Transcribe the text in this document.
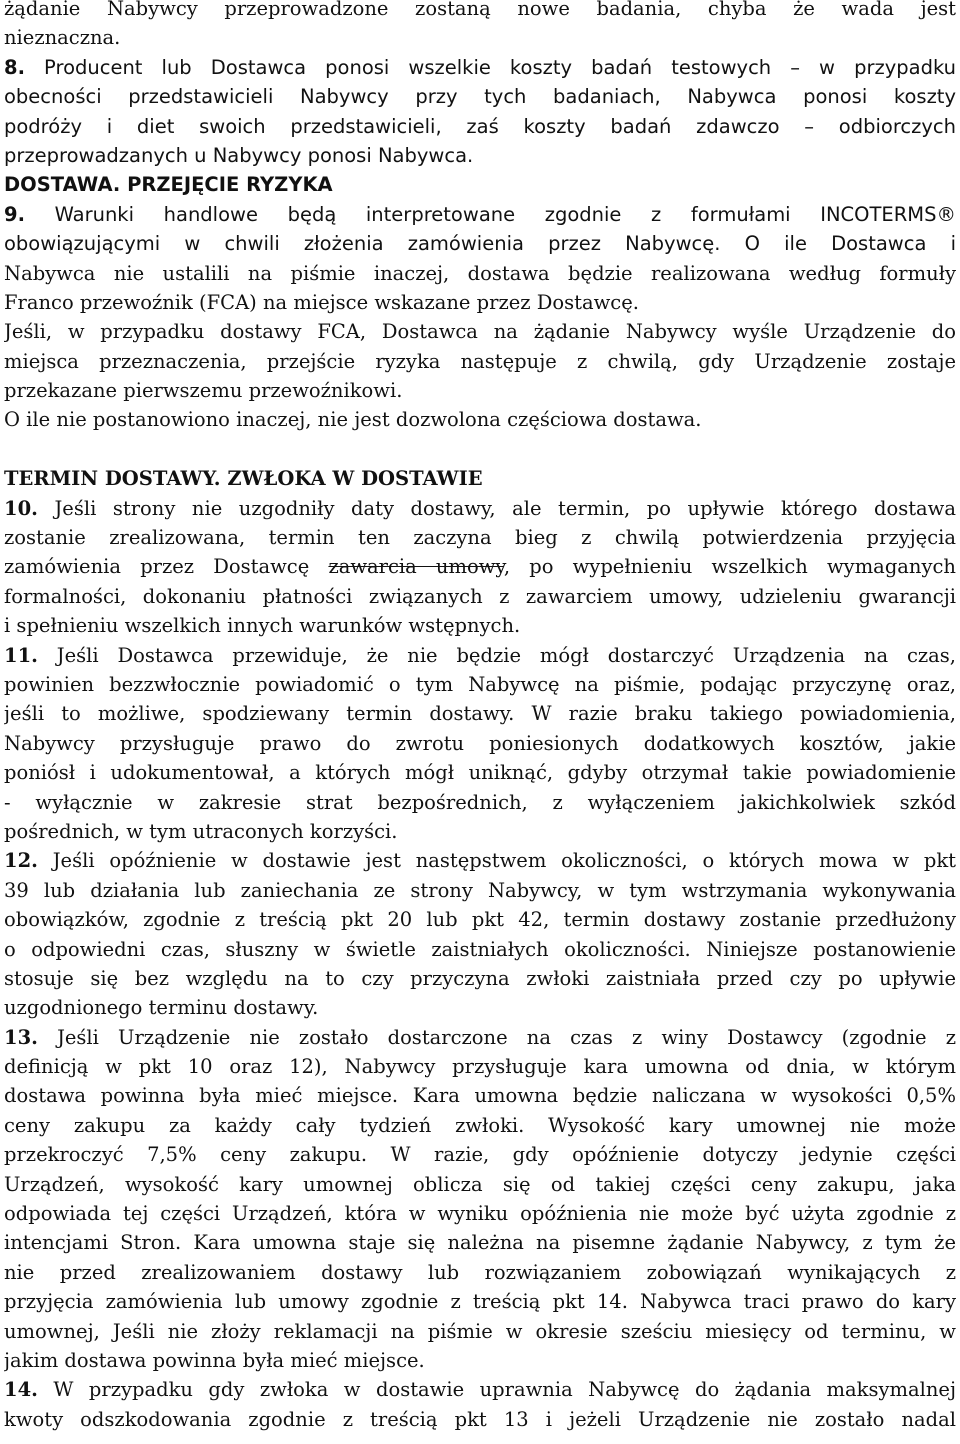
żądanie Nabywcy przeprowadzone zostaną nowe badania, chyba że wada jest
nieznaczna.
8. Producent lub Dostawca ponosi wszelkie koszty badań testowych – w przypadku
obecności przedstawicieli Nabywcy przy tych badaniach, Nabywca ponosi koszty
podróży i diet swoich przedstawicieli, zaś koszty badań zdawczo – odbiorczych
przeprowadzanych u Nabywcy ponosi Nabywca.
DOSTAWA. PRZEJĘCIE RYZYKA
9. Warunki handlowe będą interpretowane zgodnie z formułami INCOTERMS®
obowiązującymi w chwili złożenia zamówienia przez Nabywcę. O ile Dostawca i
Nabywca nie ustalili na piśmie inaczej, dostawa będzie realizowana według formuły
Franco przewoźnik (FCA) na miejsce wskazane przez Dostawcę.
Jeśli, w przypadku dostawy FCA, Dostawca na żądanie Nabywcy wyśle Urządzenie do
miejsca przeznaczenia, przejście ryzyka następuje z chwilą, gdy Urządzenie zostaje
przekazane pierwszemu przewoźnikowi.
O ile nie postanowiono inaczej, nie jest dozwolona częściowa dostawa.
TERMIN DOSTAWY. ZWŁOKA W DOSTAWIE
10. Jeśli strony nie uzgodniły daty dostawy, ale termin, po upływie którego dostawa
zostanie zrealizowana, termin ten zaczyna bieg z chwilą potwierdzenia przyjęcia
zamówienia przez Dostawcę zawarcia umowy, po wypełnieniu wszelkich wymaganych
formalności, dokonaniu płatności związanych z zawarciem umowy, udzieleniu gwarancji
i spełnieniu wszelkich innych warunków wstępnych.
11. Jeśli Dostawca przewiduje, że nie będzie mógł dostarczyć Urządzenia na czas,
powinien bezzwłocznie powiadomić o tym Nabywcę na piśmie, podając przyczynę oraz,
jeśli to możliwe, spodziewany termin dostawy. W razie braku takiego powiadomienia,
Nabywcy przysługuje prawo do zwrotu poniesionych dodatkowych kosztów, jakie
poniósł i udokumentował, a których mógł uniknąć, gdyby otrzymał takie powiadomienie
- wyłącznie w zakresie strat bezpośrednich, z wyłączeniem jakichkolwiek szkód
pośrednich, w tym utraconych korzyści.
12. Jeśli opóźnienie w dostawie jest następstwem okoliczności, o których mowa w pkt
39 lub działania lub zaniechania ze strony Nabywcy, w tym wstrzymania wykonywania
obowiązków, zgodnie z treścią pkt 20 lub pkt 42, termin dostawy zostanie przedłużony
o odpowiedni czas, słuszny w świetle zaistniałych okoliczności. Niniejsze postanowienie
stosuje się bez względu na to czy przyczyna zwłoki zaistniała przed czy po upływie
uzgodnionego terminu dostawy.
13. Jeśli Urządzenie nie zostało dostarczone na czas z winy Dostawcy (zgodnie z
definicją w pkt 10 oraz 12), Nabywcy przysługuje kara umowna od dnia, w którym
dostawa powinna była mieć miejsce. Kara umowna będzie naliczana w wysokości 0,5%
ceny zakupu za każdy cały tydzień zwłoki. Wysokość kary umownej nie może
przekroczyć 7,5% ceny zakupu. W razie, gdy opóźnienie dotyczy jedynie części
Urządzeń, wysokość kary umownej oblicza się od takiej części ceny zakupu, jaka
odpowiada tej części Urządzeń, która w wyniku opóźnienia nie może być użyta zgodnie z
intencjami Stron. Kara umowna staje się należna na pisemne żądanie Nabywcy, z tym że
nie przed zrealizowaniem dostawy lub rozwiązaniem zobowiązań wynikających z
przyjęcia zamówienia lub umowy zgodnie z treścią pkt 14. Nabywca traci prawo do kary
umownej, Jeśli nie złoży reklamacji na piśmie w okresie sześciu miesięcy od terminu, w
jakim dostawa powinna była mieć miejsce.
14. W przypadku gdy zwłoka w dostawie uprawnia Nabywcę do żądania maksymalnej
kwoty odszkodowania zgodnie z treścią pkt 13 i jeżeli Urządzenie nie zostało nadal
